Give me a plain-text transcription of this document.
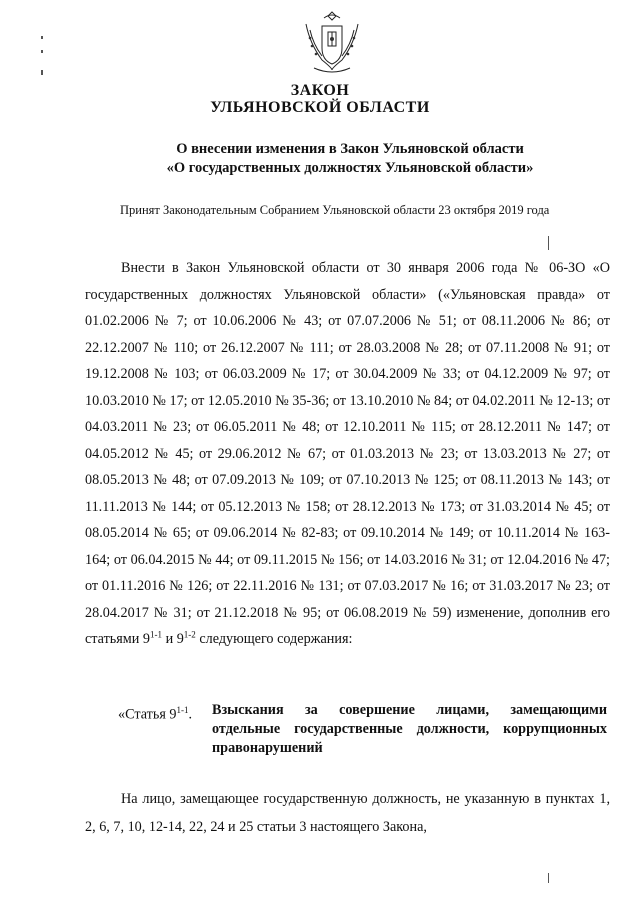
ЗАКОН
УЛЬЯНОВСКОЙ ОБЛАСТИ
О внесении изменения в Закон Ульяновской области
«О государственных должностях Ульяновской области»
Принят Законодательным Собранием Ульяновской области 23 октября 2019 года
Внести в Закон Ульяновской области от 30 января 2006 года № 06-ЗО «О государственных должностях Ульяновской области» («Ульяновская правда» от 01.02.2006 № 7; от 10.06.2006 № 43; от 07.07.2006 № 51; от 08.11.2006 № 86; от 22.12.2007 № 110; от 26.12.2007 № 111; от 28.03.2008 № 28; от 07.11.2008 № 91; от 19.12.2008 № 103; от 06.03.2009 № 17; от 30.04.2009 № 33; от 04.12.2009 № 97; от 10.03.2010 № 17; от 12.05.2010 № 35-36; от 13.10.2010 № 84; от 04.02.2011 № 12-13; от 04.03.2011 № 23; от 06.05.2011 № 48; от 12.10.2011 № 115; от 28.12.2011 № 147; от 04.05.2012 № 45; от 29.06.2012 № 67; от 01.03.2013 № 23; от 13.03.2013 № 27; от 08.05.2013 № 48; от 07.09.2013 № 109; от 07.10.2013 № 125; от 08.11.2013 № 143; от 11.11.2013 № 144; от 05.12.2013 № 158; от 28.12.2013 № 173; от 31.03.2014 № 45; от 08.05.2014 № 65; от 09.06.2014 № 82-83; от 09.10.2014 № 149; от 10.11.2014 № 163-164; от 06.04.2015 № 44; от 09.11.2015 № 156; от 14.03.2016 № 31; от 12.04.2016 № 47; от 01.11.2016 № 126; от 22.11.2016 № 131; от 07.03.2017 № 16; от 31.03.2017 № 23; от 28.04.2017 № 31; от 21.12.2018 № 95; от 06.08.2019 № 59) изменение, дополнив его статьями 9$^{1-1}$ и 9$^{1-2}$ следующего содержания:
«Статья 9$^{1-1}$. Взыскания за совершение лицами, замещающими отдельные государственные должности, коррупционных правонарушений
На лицо, замещающее государственную должность, не указанную в пунктах 1, 2, 6, 7, 10, 12-14, 22, 24 и 25 статьи 3 настоящего Закона,
